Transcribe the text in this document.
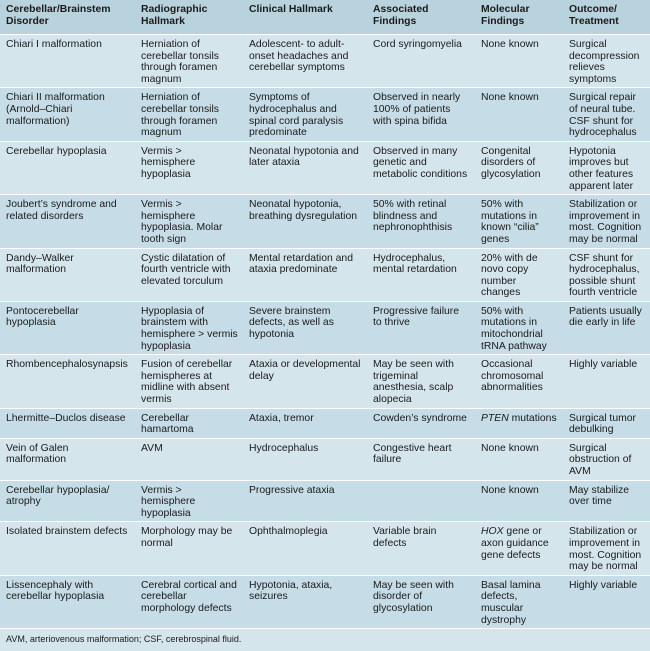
Cerebellar/Brainstem Disorder	Radiographic Hallmark	Clinical Hallmark	Associated Findings	Molecular Findings	Outcome/ Treatment
Chiari I malformation	Herniation of cerebellar tonsils through foramen magnum	Adolescent- to adult-onset headaches and cerebellar symptoms	Cord syringomyelia	None known	Surgical decompression relieves symptoms
Chiari II malformation (Arnold–Chiari malformation)	Herniation of cerebellar tonsils through foramen magnum	Symptoms of hydrocephalus and spinal cord paralysis predominate	Observed in nearly 100% of patients with spina bifida	None known	Surgical repair of neural tube. CSF shunt for hydrocephalus
Cerebellar hypoplasia	Vermis > hemisphere hypoplasia	Neonatal hypotonia and later ataxia	Observed in many genetic and metabolic conditions	Congenital disorders of glycosylation	Hypotonia improves but other features apparent later
Joubert’s syndrome and related disorders	Vermis > hemisphere hypoplasia. Molar tooth sign	Neonatal hypotonia, breathing dysregulation	50% with retinal blindness and nephronophthisis	50% with mutations in known “cilia” genes	Stabilization or improvement in most. Cognition may be normal
Dandy–Walker malformation	Cystic dilatation of fourth ventricle with elevated torculum	Mental retardation and ataxia predominate	Hydrocephalus, mental retardation	20% with de novo copy number changes	CSF shunt for hydrocephalus, possible shunt fourth ventricle
Pontocerebellar hypoplasia	Hypoplasia of brainstem with hemisphere > vermis hypoplasia	Severe brainstem defects, as well as hypotonia	Progressive failure to thrive	50% with mutations in mitochondrial tRNA pathway	Patients usually die early in life
Rhombencephalosynapsis	Fusion of cerebellar hemispheres at midline with absent vermis	Ataxia or developmental delay	May be seen with trigeminal anesthesia, scalp alopecia	Occasional chromosomal abnormalities	Highly variable
Lhermitte–Duclos disease	Cerebellar hamartoma	Ataxia, tremor	Cowden’s syndrome	PTEN mutations	Surgical tumor debulking
Vein of Galen malformation	AVM	Hydrocephalus	Congestive heart failure	None known	Surgical obstruction of AVM
Cerebellar hypoplasia/ atrophy	Vermis > hemisphere hypoplasia	Progressive ataxia		None known	May stabilize over time
Isolated brainstem defects	Morphology may be normal	Ophthalmoplegia	Variable brain defects	HOX gene or axon guidance gene defects	Stabilization or improvement in most. Cognition may be normal
Lissencephaly with cerebellar hypoplasia	Cerebral cortical and cerebellar morphology defects	Hypotonia, ataxia, seizures	May be seen with disorder of glycosylation	Basal lamina defects, muscular dystrophy	Highly variable
AVM, arteriovenous malformation; CSF, cerebrospinal fluid.
